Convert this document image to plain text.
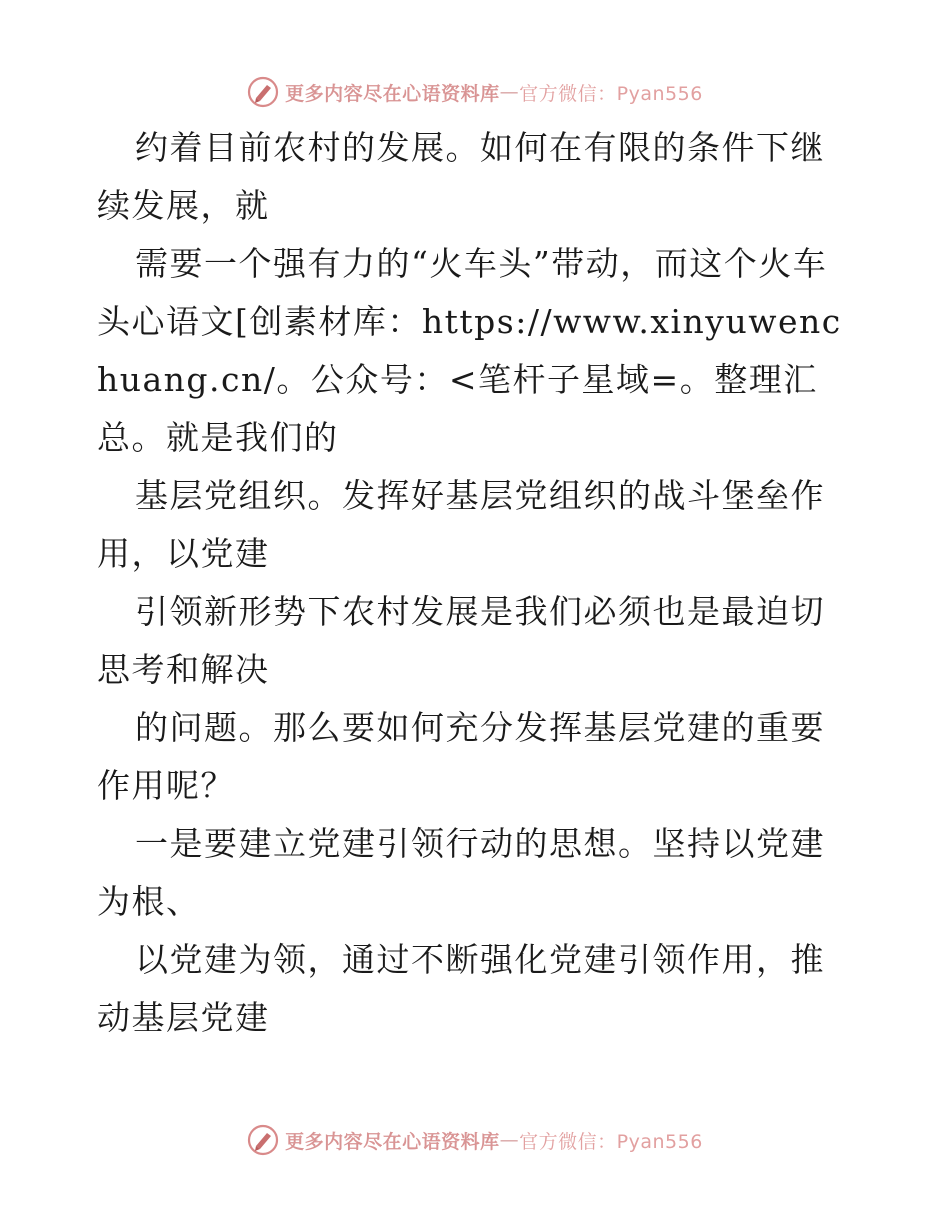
更多内容尽在心语资料库 — 官方微信：Pyan556

约着目前农村的发展。如何在有限的条件下继续发展，就

需要一个强有力的“火车头”带动，而这个火车头心语文[创素材库：https://www.xinyuwenchuang.cn/。公众号：<笔杆子星域=。整理汇总。就是我们的

基层党组织。发挥好基层党组织的战斗堡垒作用，以党建

引领新形势下农村发展是我们必须也是最迫切思考和解决

的问题。那么要如何充分发挥基层党建的重要作用呢？

一是要建立党建引领行动的思想。坚持以党建为根、

以党建为领，通过不断强化党建引领作用，推动基层党建

更多内容尽在心语资料库 — 官方微信：Pyan556
